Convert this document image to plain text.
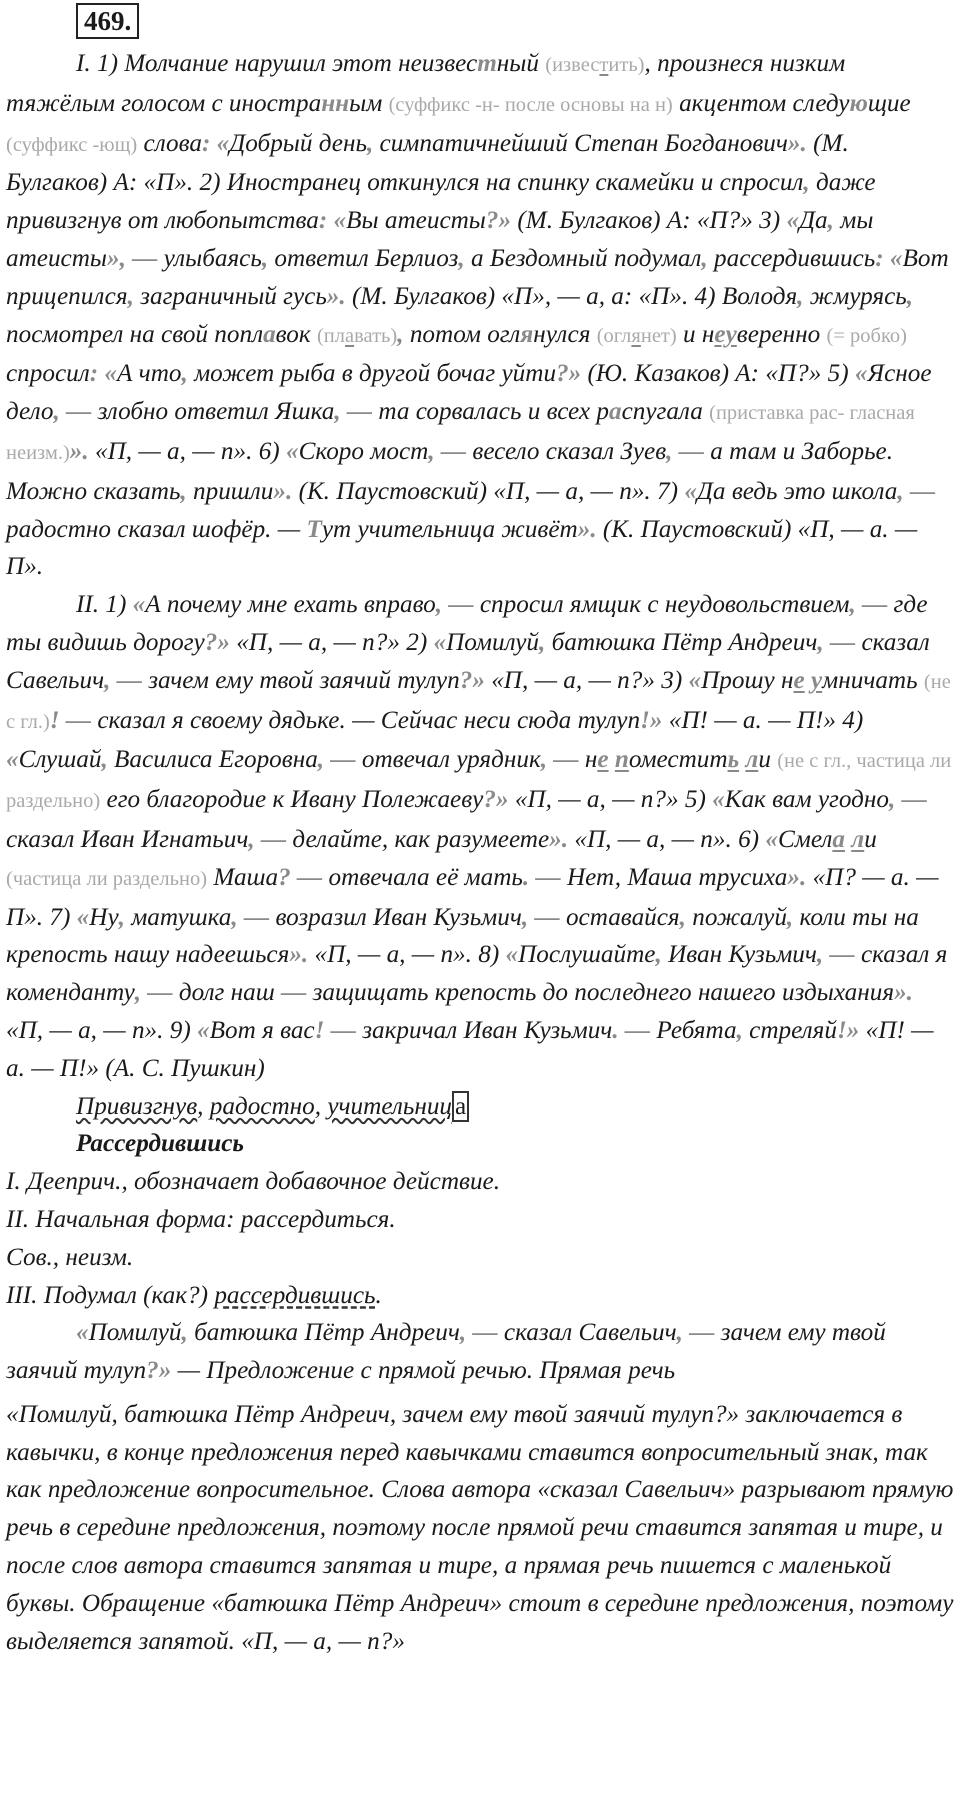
469.

I. 1) Молчание нарушил этот неизвестный (известить), произнеся низким тяжёлым голосом с иностранным (суффикс -н- после основы на н) акцентом следующие (суффикс -ющ) слова: «Добрый день, симпатичнейший Степан Богданович». (М. Булгаков) А: «П». 2) Иностранец откинулся на спинку скамейки и спросил, даже привизгнув от любопытства: «Вы атеисты?» (М. Булгаков) А: «П?» 3) «Да, мы атеисты», — улыбаясь, ответил Берлиоз, а Бездомный подумал, рассердившись: «Вот прицепился, заграничный гусь». (М. Булгаков) «П», — а, а: «П». 4) Володя, жмурясь, посмотрел на свой поплавок (плавать), потом оглянулся (оглянет) и неуверенно (= робко) спросил: «А что, может рыба в другой бочаг уйти?» (Ю. Казаков) А: «П?» 5) «Ясное дело, — злобно ответил Яшка, — та сорвалась и всех распугала (приставка рас- гласная неизм.)». «П, — а, — п». 6) «Скоро мост, — весело сказал Зуев, — а там и Заборье. Можно сказать, пришли». (К. Паустовский) «П, — а, — п». 7) «Да ведь это школа, — радостно сказал шофёр. — Тут учительница живёт». (К. Паустовский) «П, — а. — П».

II. 1) «А почему мне ехать вправо, — спросил ямщик с неудовольствием, — где ты видишь дорогу?» «П, — а, — п?» 2) «Помилуй, батюшка Пётр Андреич, — сказал Савельич, — зачем ему твой заячий тулуп?» «П, — а, — п?» 3) «Прошу не умничать (не с гл.)! — сказал я своему дядьке. — Сейчас неси сюда тулуп!» «П! — а. — П!» 4) «Слушай, Василиса Егоровна, — отвечал урядник, — не поместить ли (не с гл., частица ли раздельно) его благородие к Ивану Полежаеву?» «П, — а, — п?» 5) «Как вам угодно, — сказал Иван Игнатьич, — делайте, как разумеете». «П, — а, — п». 6) «Смела ли (частица ли раздельно) Маша? — отвечала её мать. — Нет, Маша трусиха». «П? — а. — П». 7) «Ну, матушка, — возразил Иван Кузьмич, — оставайся, пожалуй, коли ты на крепость нашу надеешься». «П, — а, — п». 8) «Послушайте, Иван Кузьмич, — сказал я коменданту, — долг наш — защищать крепость до последнего нашего издыхания». «П, — а, — п». 9) «Вот я вас! — закричал Иван Кузьмич. — Ребята, стреляй!» «П! — а. — П!» (А. С. Пушкин)

Привизгнув, радостно, учительниц а

Рассердившись

I. Дееприч., обозначает добавочное действие.

II. Начальная форма: рассердиться.

Сов., неизм.

III. Подумал (как?) рассердившись.

«Помилуй, батюшка Пётр Андреич, — сказал Савельич, — зачем ему твой заячий тулуп?» — Предложение с прямой речью. Прямая речь

«Помилуй, батюшка Пётр Андреич, зачем ему твой заячий тулуп?» заключается в кавычки, в конце предложения перед кавычками ставится вопросительный знак, так как предложение вопросительное. Слова автора «сказал Савельич» разрывают прямую речь в середине предложения, поэтому после прямой речи ставится запятая и тире, и после слов автора ставится запятая и тире, а прямая речь пишется с маленькой буквы. Обращение «батюшка Пётр Андреич» стоит в середине предложения, поэтому выделяется запятой. «П, — а, — п?»
